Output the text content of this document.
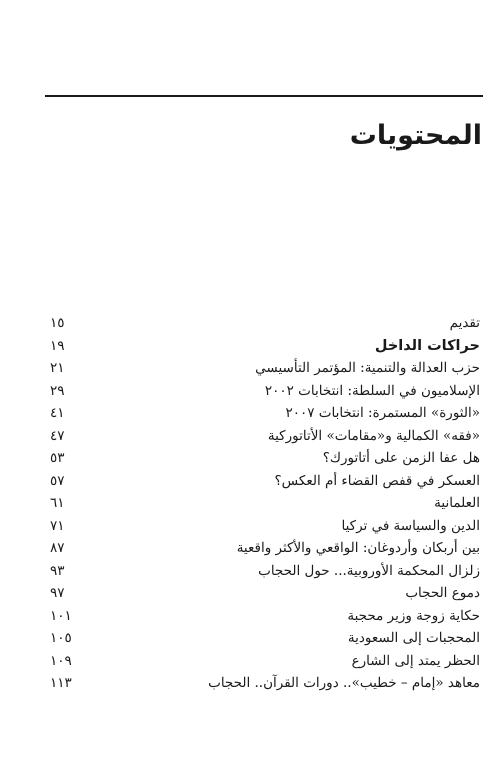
المحتويات
تقديم
١٥
حراكات الداخل
١٩
حزب العدالة والتنمية: المؤتمر التأسيسي
٢١
الإسلاميون في السلطة: انتخابات ٢٠٠٢
٢٩
«الثورة» المستمرة: انتخابات ٢٠٠٧
٤١
«فقه» الكمالية و«مقامات» الأتاتوركية
٤٧
هل عفا الزمن على أتاتورك؟
٥٣
العسكر في قفص القضاء أم العكس؟
٥٧
العلمانية
٦١
الدين والسياسة في تركيا
٧١
بين أربكان وأردوغان: الواقعي والأكثر واقعية
٨٧
زلزال المحكمة الأوروبية... حول الحجاب
٩٣
دموع الحجاب
٩٧
حكاية زوجة وزير محجبة
١٠١
المحجبات إلى السعودية
١٠٥
الحظر يمتد إلى الشارع
١٠٩
معاهد «إمام – خطيب».. دورات القرآن.. الحجاب
١١٣
